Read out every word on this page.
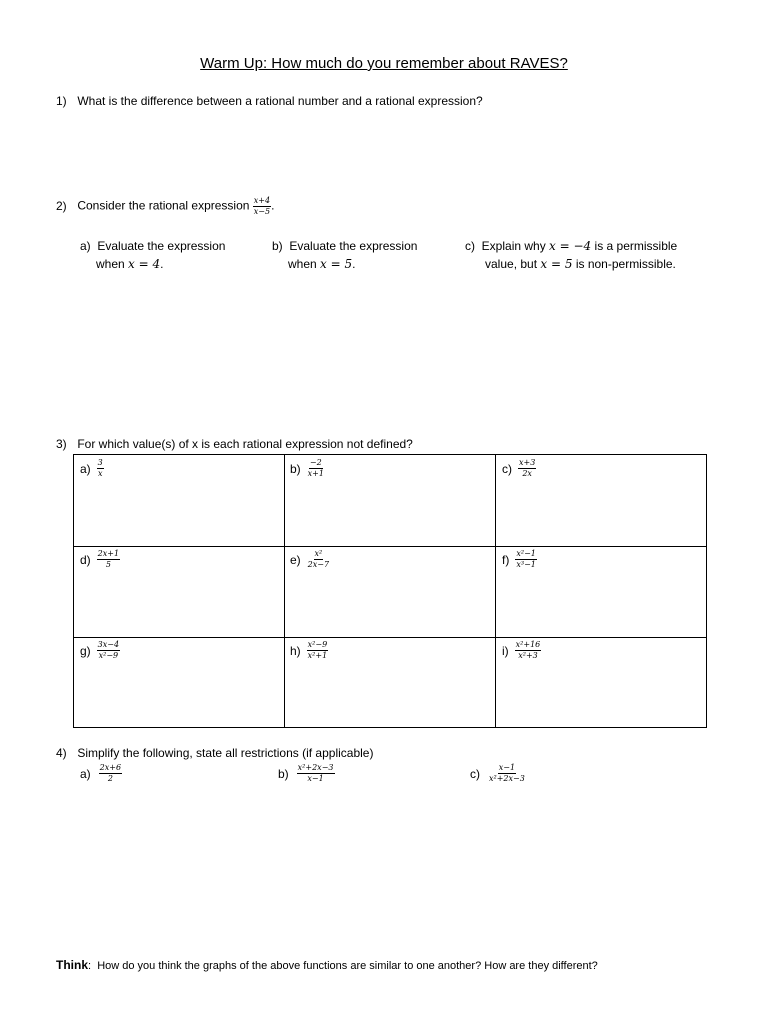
Warm Up: How much do you remember about RAVES?
1) What is the difference between a rational number and a rational expression?
2) Consider the rational expression $\frac{x+4}{x-5}$ .
a) Evaluate the expression
when x = 4.
b) Evaluate the expression
when x = 5.
c) Explain why x = −4 is a permissible
value, but x = 5 is non-permissible.
3) For which value(s) of x is each rational expression not defined?
$a) \frac{3}{x}$	$b) \frac{-2}{x+1}$	$c) \frac{x+3}{2x}$
$d) \frac{2x+1}{5}$	$e) \frac{\text{x²}}{2x-7}$	$f) \frac{\text{x²−1}}{\text{x³−1}}$
$g) \frac{3x-4}{\text{x²−9}}$	$h) \frac{\text{x²−9}}{\text{x²+1}}$	$i) \frac{\text{x²+16}}{\text{x²+3}}$
4) Simplify the following, state all restrictions (if applicable)
$a) \frac{2x+6}{2}$	$b) \frac{\text{x²+2x−3}}{x-1}$	$c) \frac{x-1}{\text{x²+2x−3}}$
Think: How do you think the graphs of the above functions are similar to one another? How are they different?
